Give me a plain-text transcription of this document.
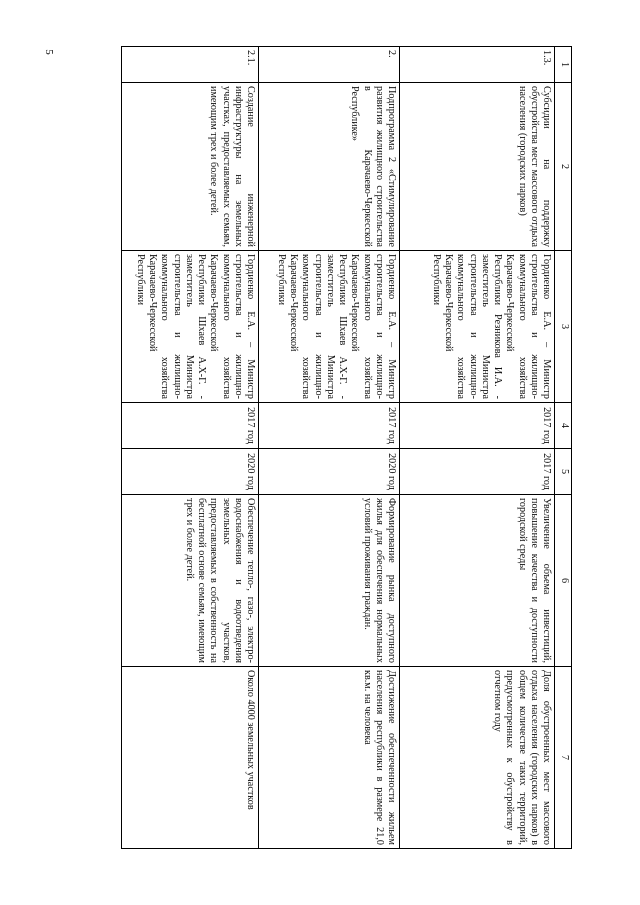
5
1	2	3	4	5	6	7
1.3.	Субсидии на поддержку обустройства мест массового отдыха населения (городских парков)	Гордиенко Е.А. – Министр строительства и жилищно-коммунального хозяйства Карачаево-Черкесской Республики Резникова И.А. - заместитель Министра строительства и жилищно-коммунального хозяйства Карачаево-Черкесской Республики	2017 год	2017 год	Увеличение объема инвестиций, повышение качества и доступности городской среды	Доля обустроенных мест массового отдыха населения (городских парков) в общем количестве таких территорий, предусмотренных к обустройству в отчетном году
2.	Подпрограмма 2 «Стимулирование развития жилищного строительства в Карачаево-Черкесской Республике»	Гордиенко Е.А. – Министр строительства и жилищно-коммунального хозяйства Карачаево-Черкесской Республики Шхаев А.Х-Г. - заместитель Министра строительства и жилищно-коммунального хозяйства Карачаево-Черкесской Республики	2017 год	2020 год	Формирование рынка доступного жилья для обеспечения нормальных условий проживания граждан.	Достижение обеспеченности жильем населения республики в размере 21,0 кв.м. на человека
2.1.	Создание инженерной инфраструктуры на земельных участках, предоставляемых семьям, имеющим трех и более детей.	Гордиенко Е.А. – Министр строительства и жилищно-коммунального хозяйства Карачаево-Черкесской Республики Шхаев А.Х-Г. - заместитель Министра строительства и жилищно-коммунального хозяйства Карачаево-Черкесской Республики	2017 год	2020 год	Обеспечение тепло-, газо-, электро- водоснабжения и водоотведения земельных участков, предоставляемых в собственность на бесплатной основе семьям, имеющим трех и более детей.	Около 4000 земельных участков
